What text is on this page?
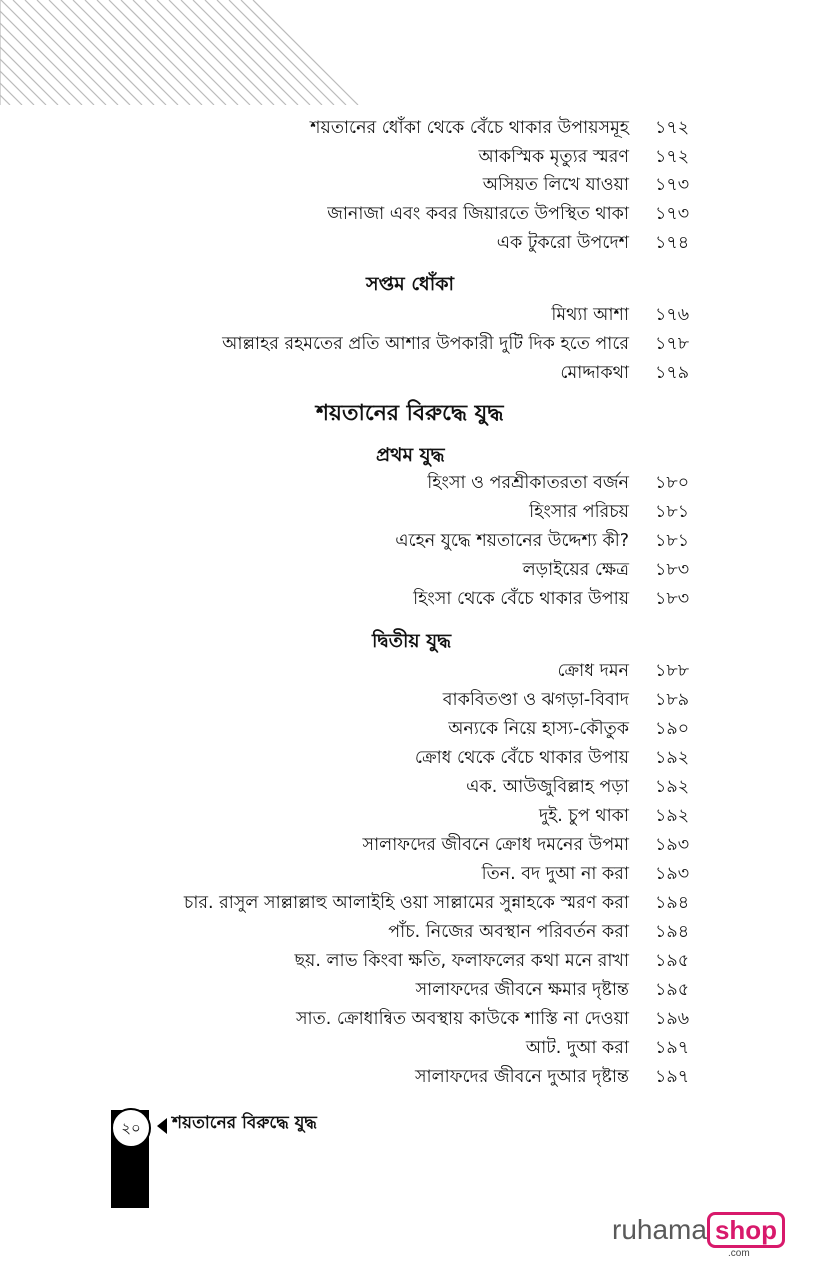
শয়তানের ধোঁকা থেকে বেঁচে থাকার উপায়সমূহ ১৭২
আকস্মিক মৃত্যুর স্মরণ ১৭২
অসিয়ত লিখে যাওয়া ১৭৩
জানাজা এবং কবর জিয়ারতে উপস্থিত থাকা ১৭৩
এক টুকরো উপদেশ ১৭৪
সপ্তম ধোঁকা
মিথ্যা আশা ১৭৬
আল্লাহর রহমতের প্রতি আশার উপকারী দুটি দিক হতে পারে ১৭৮
মোদ্দাকথা ১৭৯
শয়তানের বিরুদ্ধে যুদ্ধ
প্রথম যুদ্ধ
হিংসা ও পরশ্রীকাতরতা বর্জন ১৮০
হিংসার পরিচয় ১৮১
এহেন যুদ্ধে শয়তানের উদ্দেশ্য কী? ১৮১
লড়াইয়ের ক্ষেত্র ১৮৩
হিংসা থেকে বেঁচে থাকার উপায় ১৮৩
দ্বিতীয় যুদ্ধ
ক্রোধ দমন ১৮৮
বাকবিতণ্ডা ও ঝগড়া-বিবাদ ১৮৯
অন্যকে নিয়ে হাস্য-কৌতুক ১৯০
ক্রোধ থেকে বেঁচে থাকার উপায় ১৯২
এক. আউজুবিল্লাহ পড়া ১৯২
দুই. চুপ থাকা ১৯২
সালাফদের জীবনে ক্রোধ দমনের উপমা ১৯৩
তিন. বদ দুআ না করা ১৯৩
চার. রাসুল সাল্লাল্লাহু আলাইহি ওয়া সাল্লামের সুন্নাহকে স্মরণ করা ১৯৪
পাঁচ. নিজের অবস্থান পরিবর্তন করা ১৯৪
ছয়. লাভ কিংবা ক্ষতি, ফলাফলের কথা মনে রাখা ১৯৫
সালাফদের জীবনে ক্ষমার দৃষ্টান্ত ১৯৫
সাত. ক্রোধান্বিত অবস্থায় কাউকে শাস্তি না দেওয়া ১৯৬
আট. দুআ করা ১৯৭
সালাফদের জীবনে দুআর দৃষ্টান্ত ১৯৭
২০	শয়তানের বিরুদ্ধে যুদ্ধ
ruhama shop
.com
